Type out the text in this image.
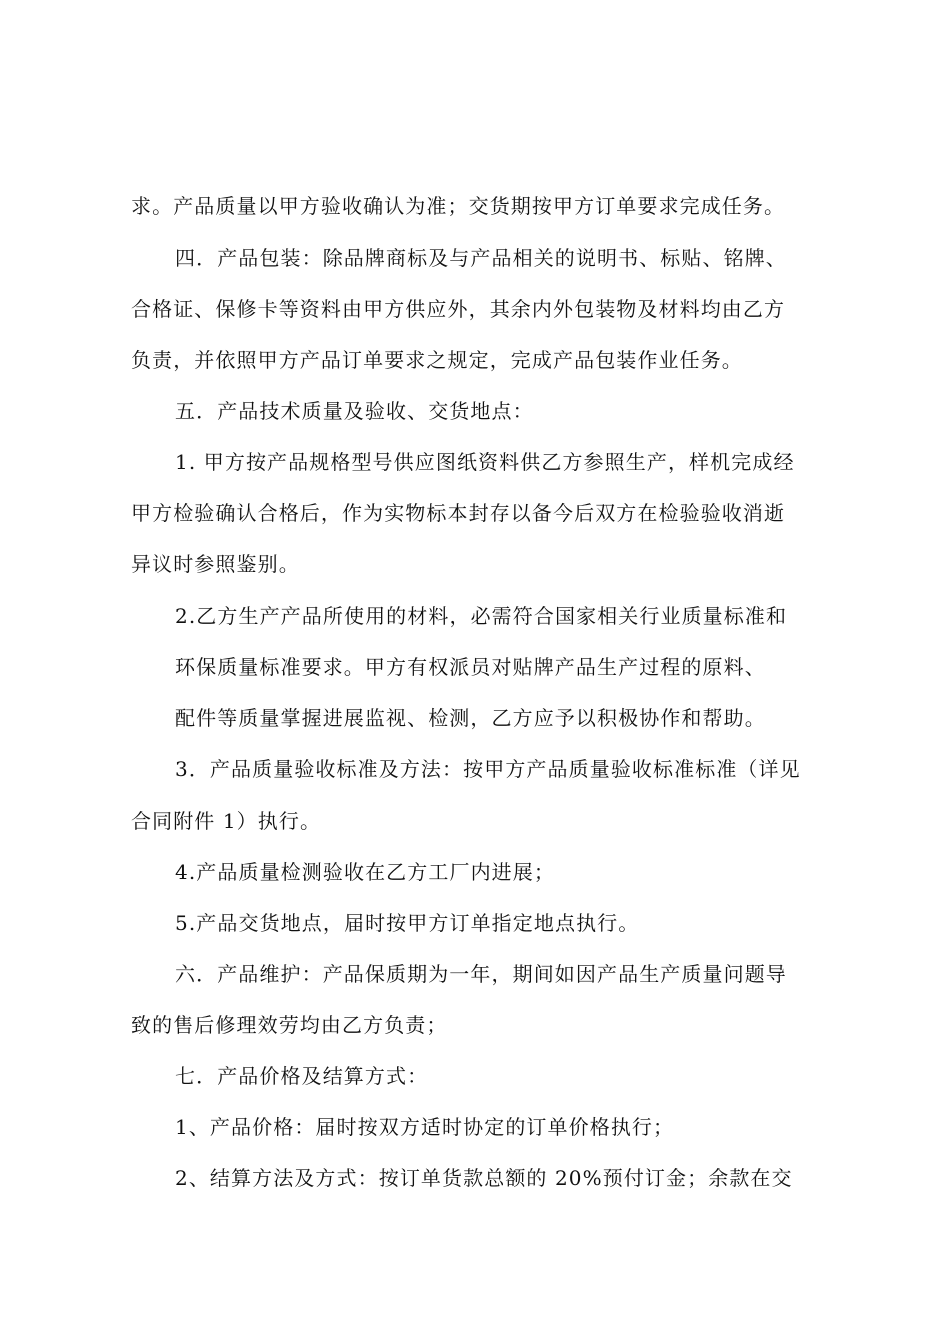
求。产品质量以甲方验收确认为准；交货期按甲方订单要求完成任务。
四．产品包装：除品牌商标及与产品相关的说明书、标贴、铭牌、
合格证、保修卡等资料由甲方供应外，其余内外包装物及材料均由乙方
负责，并依照甲方产品订单要求之规定，完成产品包装作业任务。
五．产品技术质量及验收、交货地点：
1. 甲方按产品规格型号供应图纸资料供乙方参照生产，样机完成经
甲方检验确认合格后，作为实物标本封存以备今后双方在检验验收消逝
异议时参照鉴别。
2.乙方生产产品所使用的材料，必需符合国家相关行业质量标准和
环保质量标准要求。甲方有权派员对贴牌产品生产过程的原料、
配件等质量掌握进展监视、检测，乙方应予以积极协作和帮助。
3．产品质量验收标准及方法：按甲方产品质量验收标准标准（详见
合同附件 1）执行。
4.产品质量检测验收在乙方工厂内进展；
5.产品交货地点，届时按甲方订单指定地点执行。
六．产品维护：产品保质期为一年，期间如因产品生产质量问题导
致的售后修理效劳均由乙方负责；
七．产品价格及结算方式：
1、产品价格：届时按双方适时协定的订单价格执行；
2、结算方法及方式：按订单货款总额的 20%预付订金；余款在交
